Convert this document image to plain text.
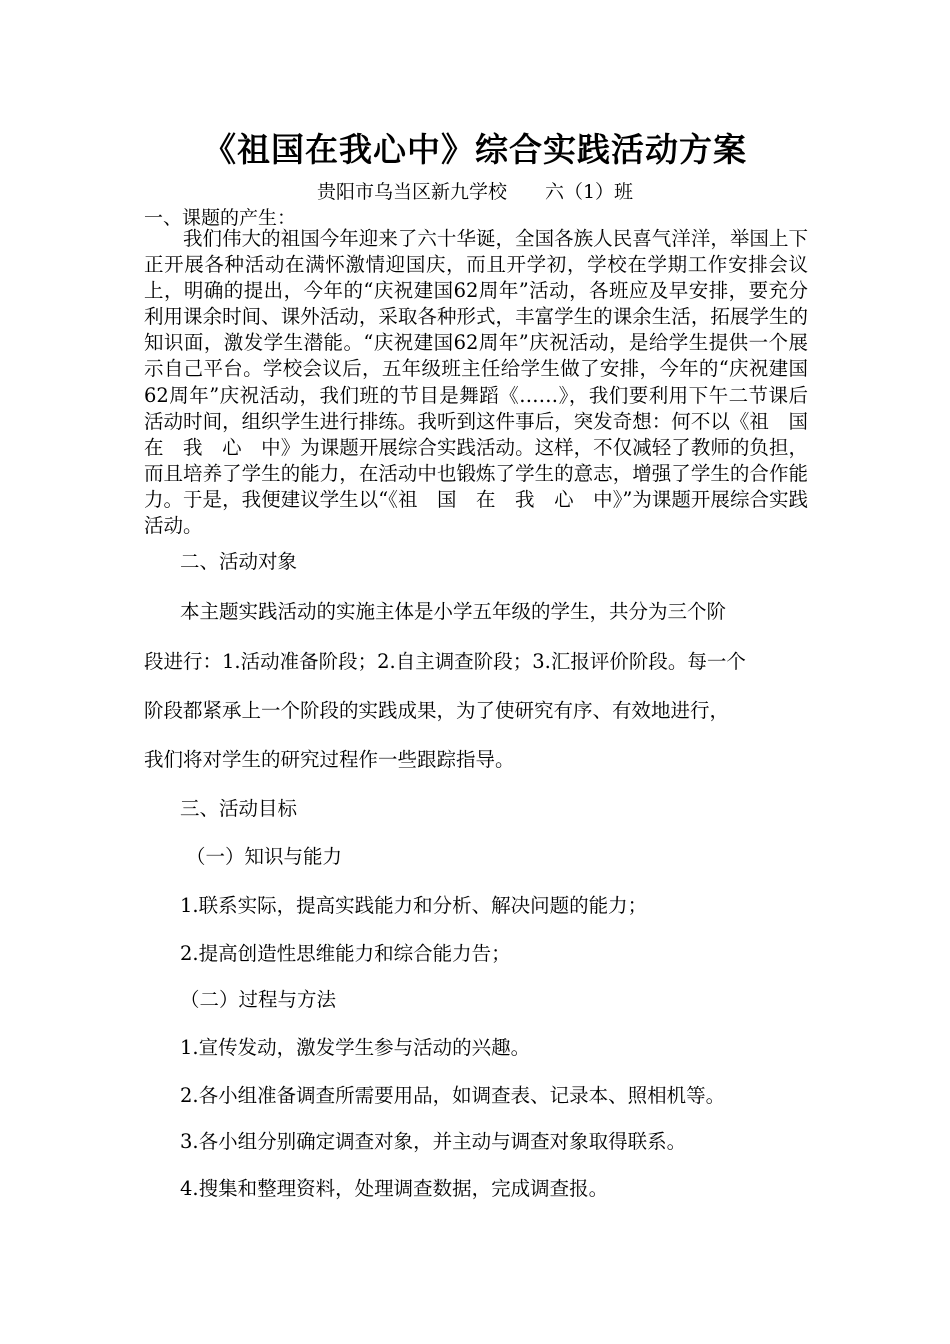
《祖国在我心中》综合实践活动方案

贵阳市乌当区新九学校　　六（1）班

一、课题的产生：

我们伟大的祖国今年迎来了六十华诞，全国各族人民喜气洋洋，举国上下正开展各种活动在满怀激情迎国庆，而且开学初，学校在学期工作安排会议上，明确的提出，今年的“庆祝建国62周年”活动，各班应及早安排，要充分利用课余时间、课外活动，采取各种形式，丰富学生的课余生活，拓展学生的知识面，激发学生潜能。“庆祝建国62周年”庆祝活动，是给学生提供一个展示自己平台。学校会议后，五年级班主任给学生做了安排，今年的“庆祝建国62周年”庆祝活动，我们班的节目是舞蹈《……》，我们要利用下午二节课后活动时间，组织学生进行排练。我听到这件事后，突发奇想：何不以《祖　国　在　我　心　中》为课题开展综合实践活动。这样，不仅减轻了教师的负担，而且培养了学生的能力，在活动中也锻炼了学生的意志，增强了学生的合作能力。于是，我便建议学生以“《祖　国　在　我　心　中》”为课题开展综合实践活动。

二、活动对象

本主题实践活动的实施主体是小学五年级的学生，共分为三个阶

段进行：1.活动准备阶段；2.自主调查阶段；3.汇报评价阶段。每一个

阶段都紧承上一个阶段的实践成果，为了使研究有序、有效地进行，

我们将对学生的研究过程作一些跟踪指导。

三、活动目标

（一）知识与能力

1.联系实际，提高实践能力和分析、解决问题的能力；

2.提高创造性思维能力和综合能力告；

（二）过程与方法

1.宣传发动，激发学生参与活动的兴趣。

2.各小组准备调查所需要用品，如调查表、记录本、照相机等。

3.各小组分别确定调查对象，并主动与调查对象取得联系。

4.搜集和整理资料，处理调查数据，完成调查报。
